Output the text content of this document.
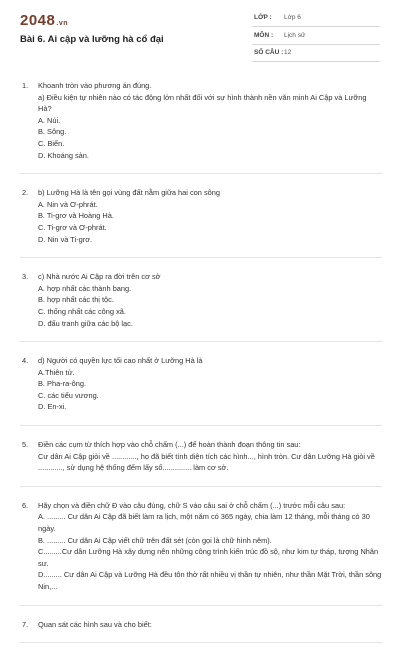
2048.vn
Bài 6. Ai cập và lưỡng hà cổ đại
LỚP : Lớp 6
MÔN : Lịch sử
SỐ CÂU : 12
1. Khoanh tròn vào phương án đúng.

a) Điều kiện tự nhiên nào có tác động lớn nhất đối với sự hình thành nền văn minh Ai Cập và Lưỡng Hà?

A. Núi.

B. Sông.

C. Biển.

D. Khoáng sản.

2. b) Lưỡng Hà là tên gọi vùng đất nằm giữa hai con sông

A. Nin và Ơ-phrát.

B. Ti-grơ và Hoàng Hà.

C. Ti-grơ và Ơ-phrát.

D. Nin và Ti-grơ.

3. c) Nhà nước Ai Cập ra đời trên cơ sở

A. hợp nhất các thành bang.

B. hợp nhất các thị tộc.

C. thống nhất các công xã.

D. đấu tranh giữa các bộ lạc.

4. d) Người có quyền lực tối cao nhất ở Lưỡng Hà là

A.Thiên tử.

B. Pha-ra-ông.

C. các tiểu vương.

D. En-xi.

5. Điền các cụm từ thích hợp vào chỗ chấm (...) để hoàn thành đoạn thông tin sau:

Cư dân Ai Cập giỏi về ............, họ đã biết tính diện tích các hình..., hình tròn. Cư dân Lưỡng Hà giỏi về ............, sử dụng hệ thống đếm lấy số.............. làm cơ sở.

6. Hãy chọn và điền chữ Đ vào câu đúng, chữ S vào câu sai ở chỗ chấm (...) trước mỗi câu sau:

A. ......... Cư dân Ai Cập đã biết làm ra lịch, một năm có 365 ngày, chia làm 12 tháng, mỗi tháng có 30 ngày.

B. ......... Cư dân Ai Cập viết chữ trên đất sét (còn gọi là chữ hình nêm).

C.........Cư dân Lưỡng Hà xây dựng nên những công trình kiến trúc đồ sộ, như kim tự tháp, tượng Nhân sư.

D......... Cư dân Ai Cập và Lưỡng Hà đều tôn thờ rất nhiều vị thần tự nhiên, như thần Mặt Trời, thần sông Nin,...

7. Quan sát các hình sau và cho biết:
